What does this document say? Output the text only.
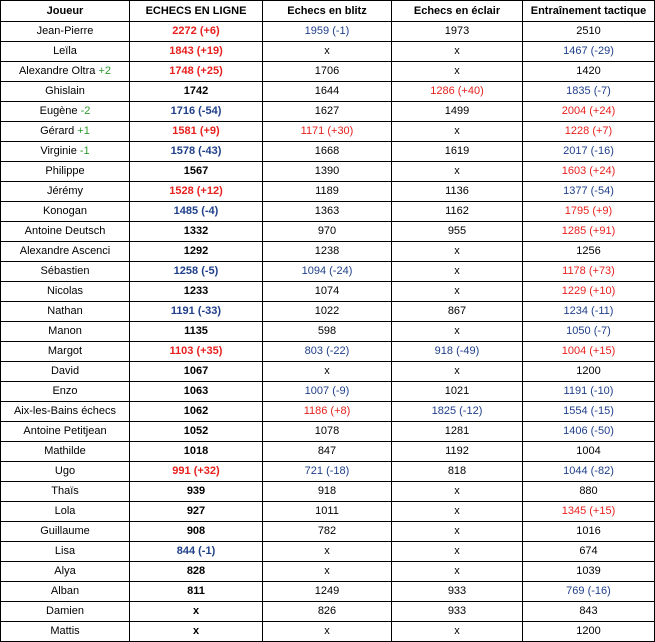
Joueur	ECHECS EN LIGNE	Echecs en blitz	Echecs en éclair	Entraînement tactique
Jean-Pierre	2272 (+6)	1959 (-1)	1973	2510
Leïla	1843 (+19)	x	x	1467 (-29)
Alexandre Oltra +2	1748 (+25)	1706	x	1420
Ghislain	1742	1644	1286 (+40)	1835 (-7)
Eugène -2	1716 (-54)	1627	1499	2004 (+24)
Gérard +1	1581 (+9)	1171 (+30)	x	1228 (+7)
Virginie -1	1578 (-43)	1668	1619	2017 (-16)
Philippe	1567	1390	x	1603 (+24)
Jérémy	1528 (+12)	1189	1136	1377 (-54)
Konogan	1485 (-4)	1363	1162	1795 (+9)
Antoine Deutsch	1332	970	955	1285 (+91)
Alexandre Ascenci	1292	1238	x	1256
Sébastien	1258 (-5)	1094 (-24)	x	1178 (+73)
Nicolas	1233	1074	x	1229 (+10)
Nathan	1191 (-33)	1022	867	1234 (-11)
Manon	1135	598	x	1050 (-7)
Margot	1103 (+35)	803 (-22)	918 (-49)	1004 (+15)
David	1067	x	x	1200
Enzo	1063	1007 (-9)	1021	1191 (-10)
Aix-les-Bains échecs	1062	1186 (+8)	1825 (-12)	1554 (-15)
Antoine Petitjean	1052	1078	1281	1406 (-50)
Mathilde	1018	847	1192	1004
Ugo	991 (+32)	721 (-18)	818	1044 (-82)
Thaïs	939	918	x	880
Lola	927	1011	x	1345 (+15)
Guillaume	908	782	x	1016
Lisa	844 (-1)	x	x	674
Alya	828	x	x	1039
Alban	811	1249	933	769 (-16)
Damien	x	826	933	843
Mattis	x	x	x	1200
